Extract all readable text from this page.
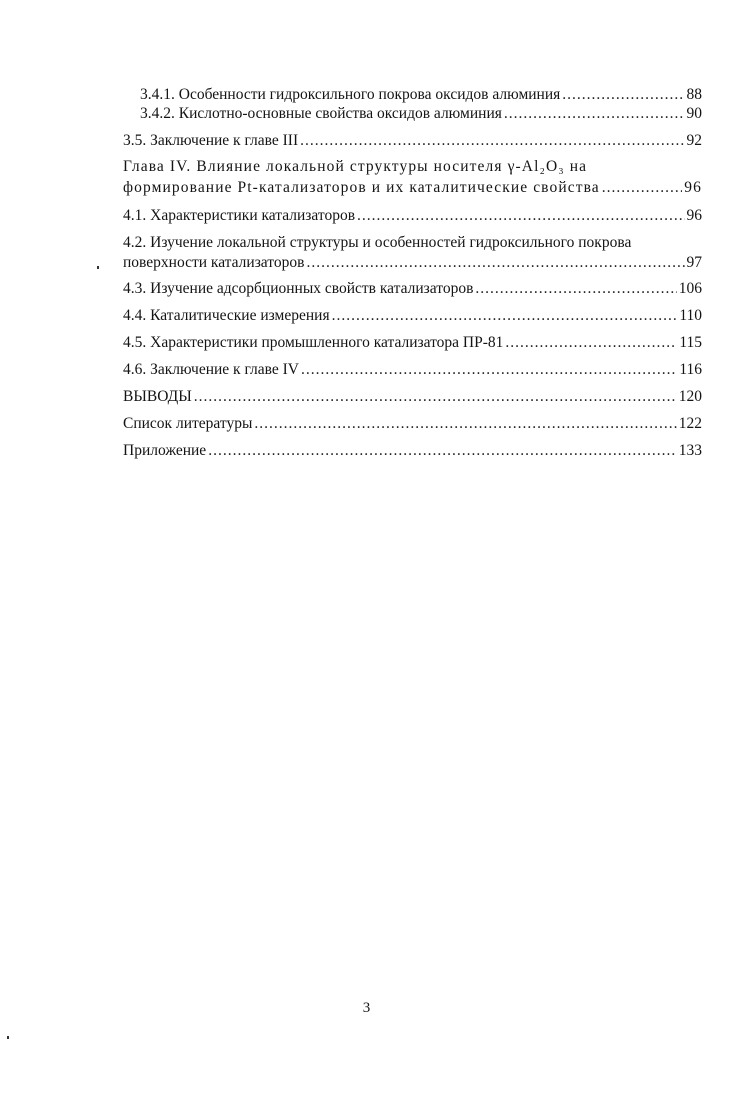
3.4.1. Особенности гидроксильного покрова оксидов алюминия .....	88
3.4.2. Кислотно-основные свойства оксидов алюминия .....	90
3.5. Заключение к главе III .....	92
Глава IV. Влияние локальной структуры носителя γ-Al₂O₃ на
формирование Pt-катализаторов и их каталитические свойства .....	96
4.1. Характеристики катализаторов .....	96
4.2. Изучение локальной структуры и особенностей гидроксильного покрова
поверхности катализаторов .....	97
4.3. Изучение адсорбционных свойств катализаторов .....	106
4.4. Каталитические измерения .....	110
4.5. Характеристики промышленного катализатора ПР-81 .....	115
4.6. Заключение к главе IV .....	116
ВЫВОДЫ .....	120
Список литературы .....	122
Приложение .....	133
3
